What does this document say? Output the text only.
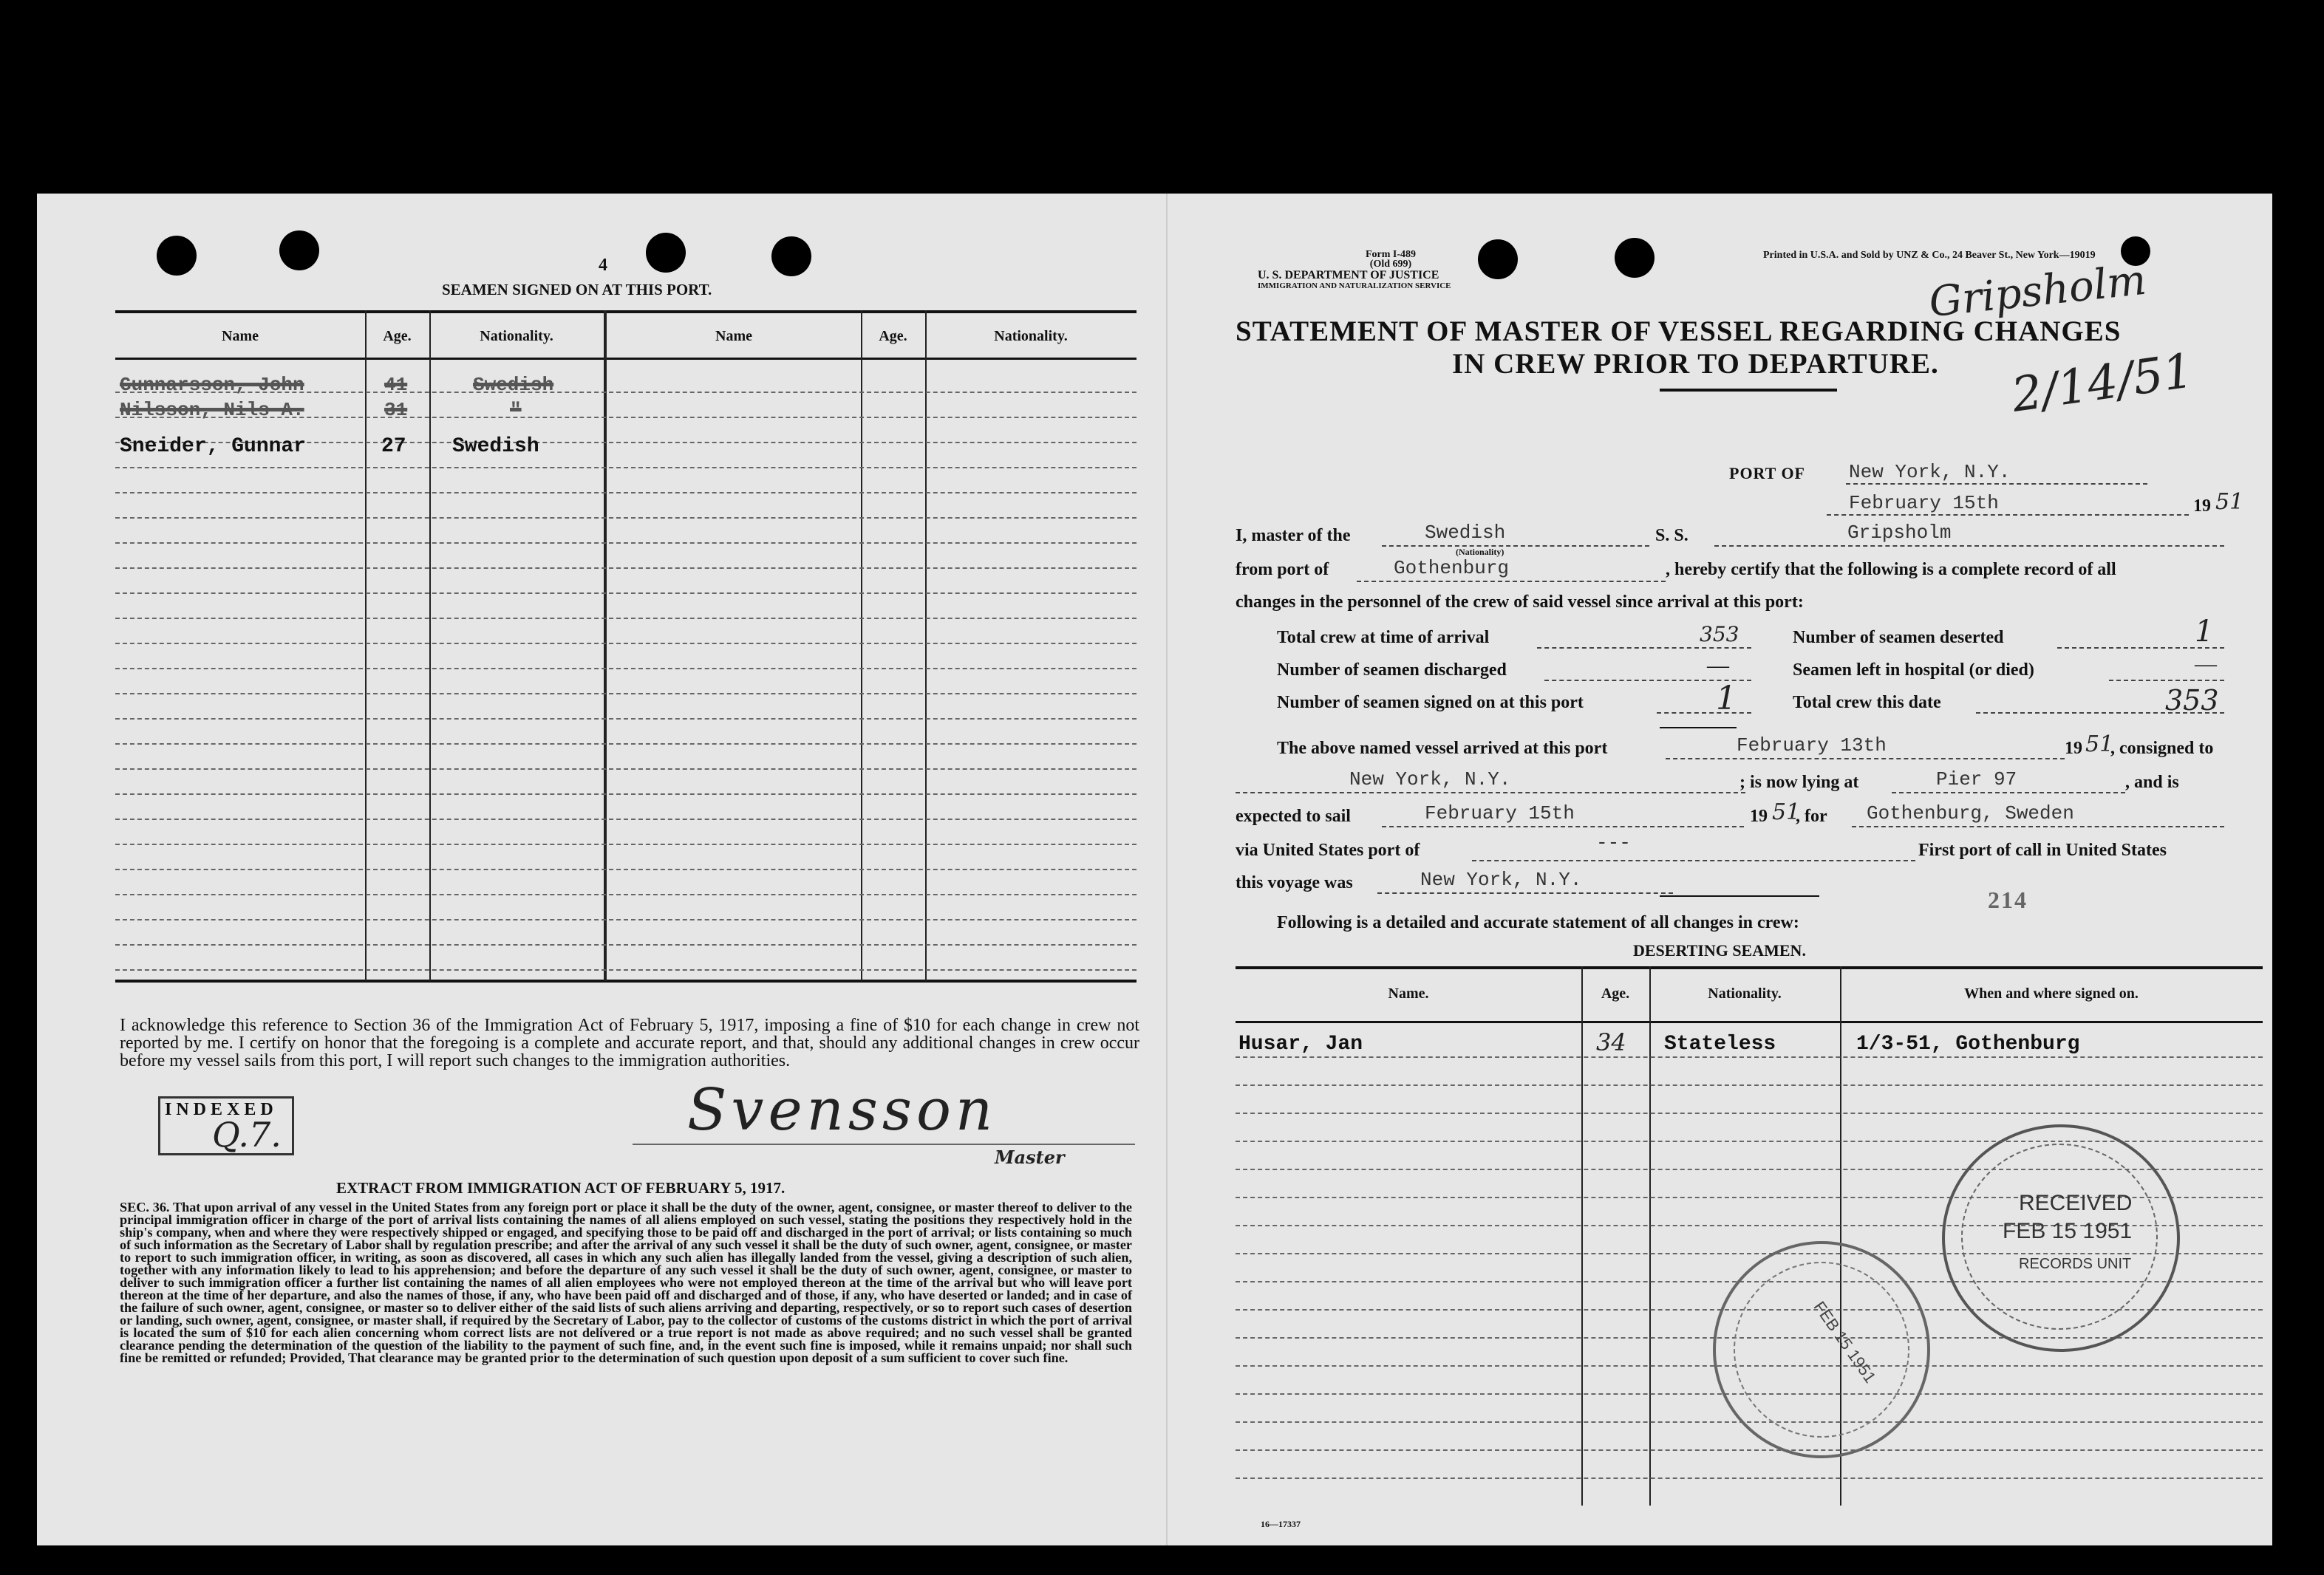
4
SEAMEN SIGNED ON AT THIS PORT.
Name	Age.	Nationality.	Name	Age.	Nationality.
Gunnarsson, John	41	Swedish
Nilsson, Nils A.	31	"
Sneider, Gunnar	27 Swedish
I acknowledge this reference to Section 36 of the Immigration Act of February 5, 1917, imposing a fine of $10 for each change in crew not reported by me. I certify on honor that the foregoing is a complete and accurate report, and that, should any additional changes in crew occur before my vessel sails from this port, I will report such changes to the immigration authorities.
INDEXED
Q.7.	Svensson
Master
EXTRACT FROM IMMIGRATION ACT OF FEBRUARY 5, 1917.
SEC. 36. That upon arrival of any vessel in the United States from any foreign port or place it shall be the duty of the owner, agent, consignee, or master thereof to deliver to the principal immigration officer in charge of the port of arrival lists containing the names of all aliens employed on such vessel, stating the positions they respectively hold in the ship's company, when and where they were respectively shipped or engaged, and specifying those to be paid off and discharged in the port of arrival; or lists containing so much of such information as the Secretary of Labor shall by regulation prescribe; and after the arrival of any such vessel it shall be the duty of such owner, agent, consignee, or master to report to such immigration officer, in writing, as soon as discovered, all cases in which any such alien has illegally landed from the vessel, giving a description of such alien, together with any information likely to lead to his apprehension; and before the departure of any such vessel it shall be the duty of such owner, agent, consignee, or master to deliver to such immigration officer a further list containing the names of all alien employees who were not employed thereon at the time of the arrival but who will leave port thereon at the time of her departure, and also the names of those, if any, who have been paid off and discharged and of those, if any, who have deserted or landed; and in case of the failure of such owner, agent, consignee, or master so to deliver either of the said lists of such aliens arriving and departing, respectively, or so to report such cases of desertion or landing, such owner, agent, consignee, or master shall, if required by the Secretary of Labor, pay to the collector of customs of the customs district in which the port of arrival is located the sum of $10 for each alien concerning whom correct lists are not delivered or a true report is not made as above required; and no such vessel shall be granted clearance pending the determination of the question of the liability to the payment of such fine, and, in the event such fine is imposed, while it remains unpaid; nor shall such fine be remitted or refunded; Provided, That clearance may be granted prior to the determination of such question upon deposit of a sum sufficient to cover such fine.
Form I-489
(Old 699)
U. S. DEPARTMENT OF JUSTICE
IMMIGRATION AND NATURALIZATION SERVICE
Printed in U.S.A. and Sold by UNZ & Co., 24 Beaver St., New York—19019
Gripsholm
2/14/51
STATEMENT OF MASTER OF VESSEL REGARDING CHANGES
IN CREW PRIOR TO DEPARTURE.
PORT OF New York, N.Y.
February 15th	19 51
I, master of the	Swedish
(Nationality)
S. S.	Gripsholm
from port of	Gothenburg	, hereby certify that the following is a complete record of all
changes in the personnel of the crew of said vessel since arrival at this port:
Total crew at time of arrival	353	Number of seamen deserted	1
Number of seamen discharged	—	Seamen left in hospital (or died)	—
Number of seamen signed on at this port	1	Total crew this date	353
The above named vessel arrived at this port	February 13th	19 51
, consigned to
New York, N.Y.	; is now lying at	Pier 97	, and is
expected to sail	February 15th	19 51
, for Gothenburg, Sweden
via United States port of	---	First port of call in United States
this voyage was	New York, N.Y.
214
Following is a detailed and accurate statement of all changes in crew:
DESERTING SEAMEN.
Name.	Age.	Nationality.	When and where signed on.
Husar, Jan	34 Stateless	1/3-51, Gothenburg
RECEIVED
FEB 15 1951
RECORDS UNIT
FEB 15 1951
16—17337
